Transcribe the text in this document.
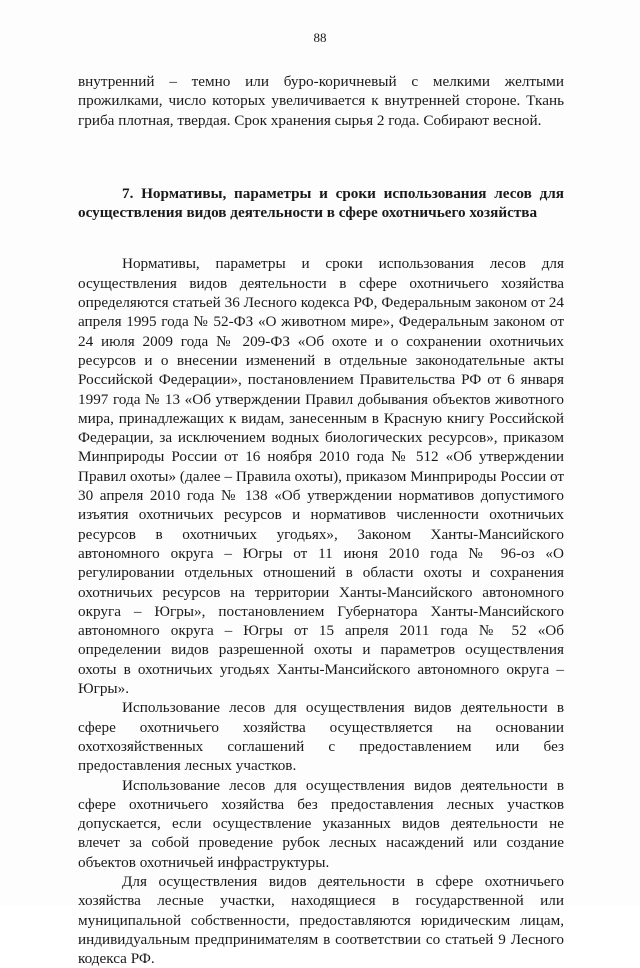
88

внутренний – темно или буро-коричневый с мелкими желтыми прожилками, число которых увеличивается к внутренней стороне. Ткань гриба плотная, твердая. Срок хранения сырья 2 года. Собирают весной.

7. Нормативы, параметры и сроки использования лесов для осуществления видов деятельности в сфере охотничьего хозяйства

Нормативы, параметры и сроки использования лесов для осуществления видов деятельности в сфере охотничьего хозяйства определяются статьей 36 Лесного кодекса РФ, Федеральным законом от 24 апреля 1995 года № 52-ФЗ «О животном мире», Федеральным законом от 24 июля 2009 года № 209-ФЗ «Об охоте и о сохранении охотничьих ресурсов и о внесении изменений в отдельные законодательные акты Российской Федерации», постановлением Правительства РФ от 6 января 1997 года № 13 «Об утверждении Правил добывания объектов животного мира, принадлежащих к видам, занесенным в Красную книгу Российской Федерации, за исключением водных биологических ресурсов», приказом Минприроды России от 16 ноября 2010 года № 512 «Об утверждении Правил охоты» (далее – Правила охоты), приказом Минприроды России от 30 апреля 2010 года № 138 «Об утверждении нормативов допустимого изъятия охотничьих ресурсов и нормативов численности охотничьих ресурсов в охотничьих угодьях», Законом Ханты-Мансийского автономного округа – Югры от 11 июня 2010 года № 96-оз «О регулировании отдельных отношений в области охоты и сохранения охотничьих ресурсов на территории Ханты-Мансийского автономного округа – Югры», постановлением Губернатора Ханты-Мансийского автономного округа – Югры от 15 апреля 2011 года № 52 «Об определении видов разрешенной охоты и параметров осуществления охоты в охотничьих угодьях Ханты-Мансийского автономного округа – Югры».

Использование лесов для осуществления видов деятельности в сфере охотничьего хозяйства осуществляется на основании охотхозяйственных соглашений с предоставлением или без предоставления лесных участков.

Использование лесов для осуществления видов деятельности в сфере охотничьего хозяйства без предоставления лесных участков допускается, если осуществление указанных видов деятельности не влечет за собой проведение рубок лесных насаждений или создание объектов охотничьей инфраструктуры.

Для осуществления видов деятельности в сфере охотничьего хозяйства лесные участки, находящиеся в государственной или муниципальной собственности, предоставляются юридическим лицам, индивидуальным предпринимателям в соответствии со статьей 9 Лесного кодекса РФ.
